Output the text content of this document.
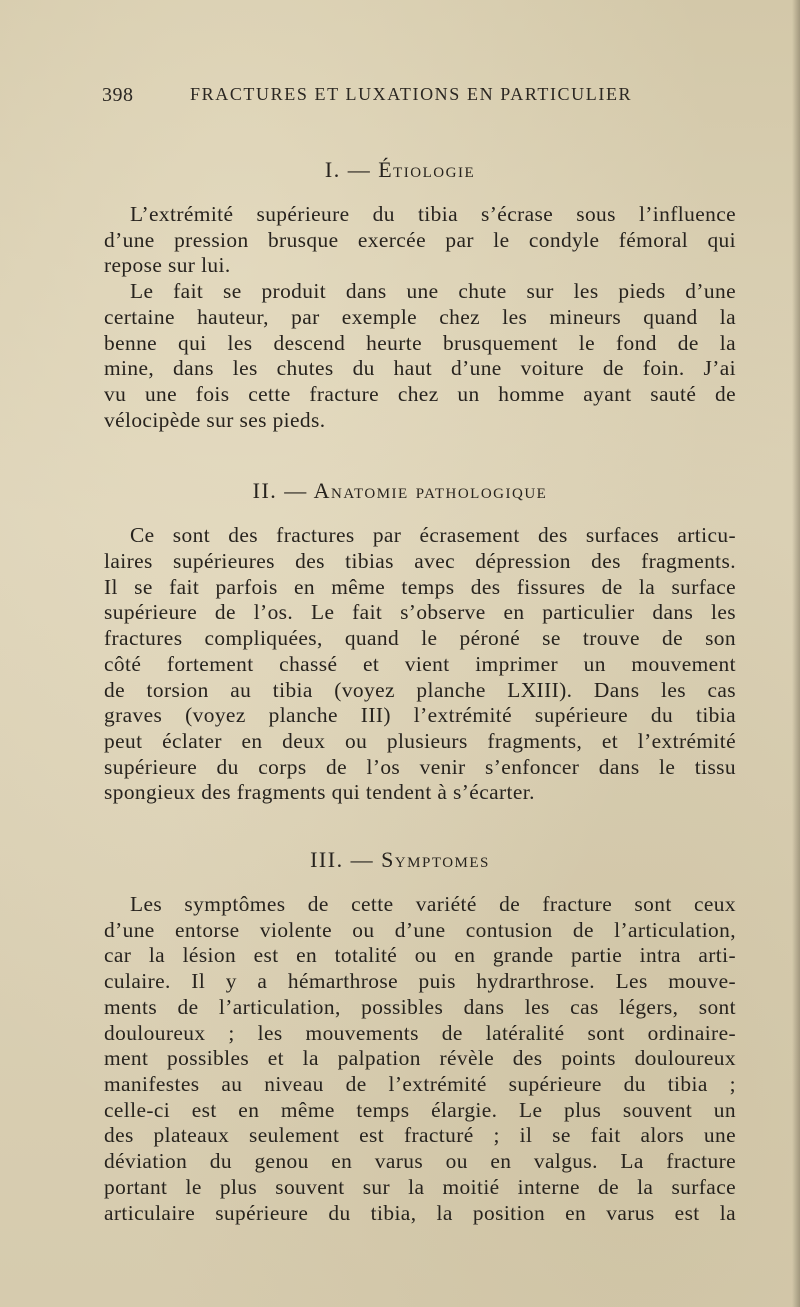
398	FRACTURES ET LUXATIONS EN PARTICULIER
I. — Étiologie

L’extrémité supérieure du tibia s’écrase sous l’influence
d’une pression brusque exercée par le condyle fémoral qui
repose sur lui.

Le fait se produit dans une chute sur les pieds d’une
certaine hauteur, par exemple chez les mineurs quand la
benne qui les descend heurte brusquement le fond de la
mine, dans les chutes du haut d’une voiture de foin. J’ai
vu une fois cette fracture chez un homme ayant sauté de
vélocipède sur ses pieds.

II. — Anatomie pathologique

Ce sont des fractures par écrasement des surfaces articu-
laires supérieures des tibias avec dépression des fragments.
Il se fait parfois en même temps des fissures de la surface
supérieure de l’os. Le fait s’observe en particulier dans les
fractures compliquées, quand le péroné se trouve de son
côté fortement chassé et vient imprimer un mouvement
de torsion au tibia (voyez planche LXIII). Dans les cas
graves (voyez planche III) l’extrémité supérieure du tibia
peut éclater en deux ou plusieurs fragments, et l’extrémité
supérieure du corps de l’os venir s’enfoncer dans le tissu
spongieux des fragments qui tendent à s’écarter.

III. — Symptomes

Les symptômes de cette variété de fracture sont ceux
d’une entorse violente ou d’une contusion de l’articulation,
car la lésion est en totalité ou en grande partie intra arti-
culaire. Il y a hémarthrose puis hydrarthrose. Les mouve-
ments de l’articulation, possibles dans les cas légers, sont
douloureux ; les mouvements de latéralité sont ordinaire-
ment possibles et la palpation révèle des points douloureux
manifestes au niveau de l’extrémité supérieure du tibia ;
celle-ci est en même temps élargie. Le plus souvent un
des plateaux seulement est fracturé ; il se fait alors une
déviation du genou en varus ou en valgus. La fracture
portant le plus souvent sur la moitié interne de la surface
articulaire supérieure du tibia, la position en varus est la
